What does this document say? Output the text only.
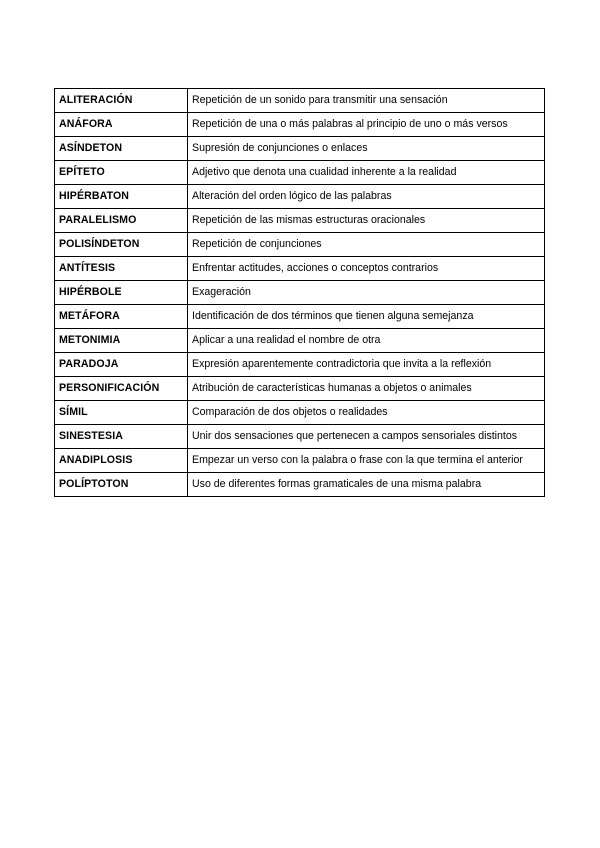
ALITERACIÓN	Repetición de un sonido para transmitir una sensación
ANÁFORA	Repetición de una o más palabras al principio de uno o más versos
ASÍNDETON	Supresión de conjunciones o enlaces
EPÍTETO	Adjetivo que denota una cualidad inherente a la realidad
HIPÉRBATON	Alteración del orden lógico de las palabras
PARALELISMO	Repetición de las mismas estructuras oracionales
POLISÍNDETON	Repetición de conjunciones
ANTÍTESIS	Enfrentar actitudes, acciones o conceptos contrarios
HIPÉRBOLE	Exageración
METÁFORA	Identificación de dos términos que tienen alguna semejanza
METONIMIA	Aplicar a una realidad el nombre de otra
PARADOJA	Expresión aparentemente contradictoria que invita a la reflexión
PERSONIFICACIÓN	Atribución de características humanas a objetos o animales
SÍMIL	Comparación de dos objetos o realidades
SINESTESIA	Unir dos sensaciones que pertenecen a campos sensoriales distintos
ANADIPLOSIS	Empezar un verso con la palabra o frase con la que termina el anterior
POLÍPTOTON	Uso de diferentes formas gramaticales de una misma palabra
